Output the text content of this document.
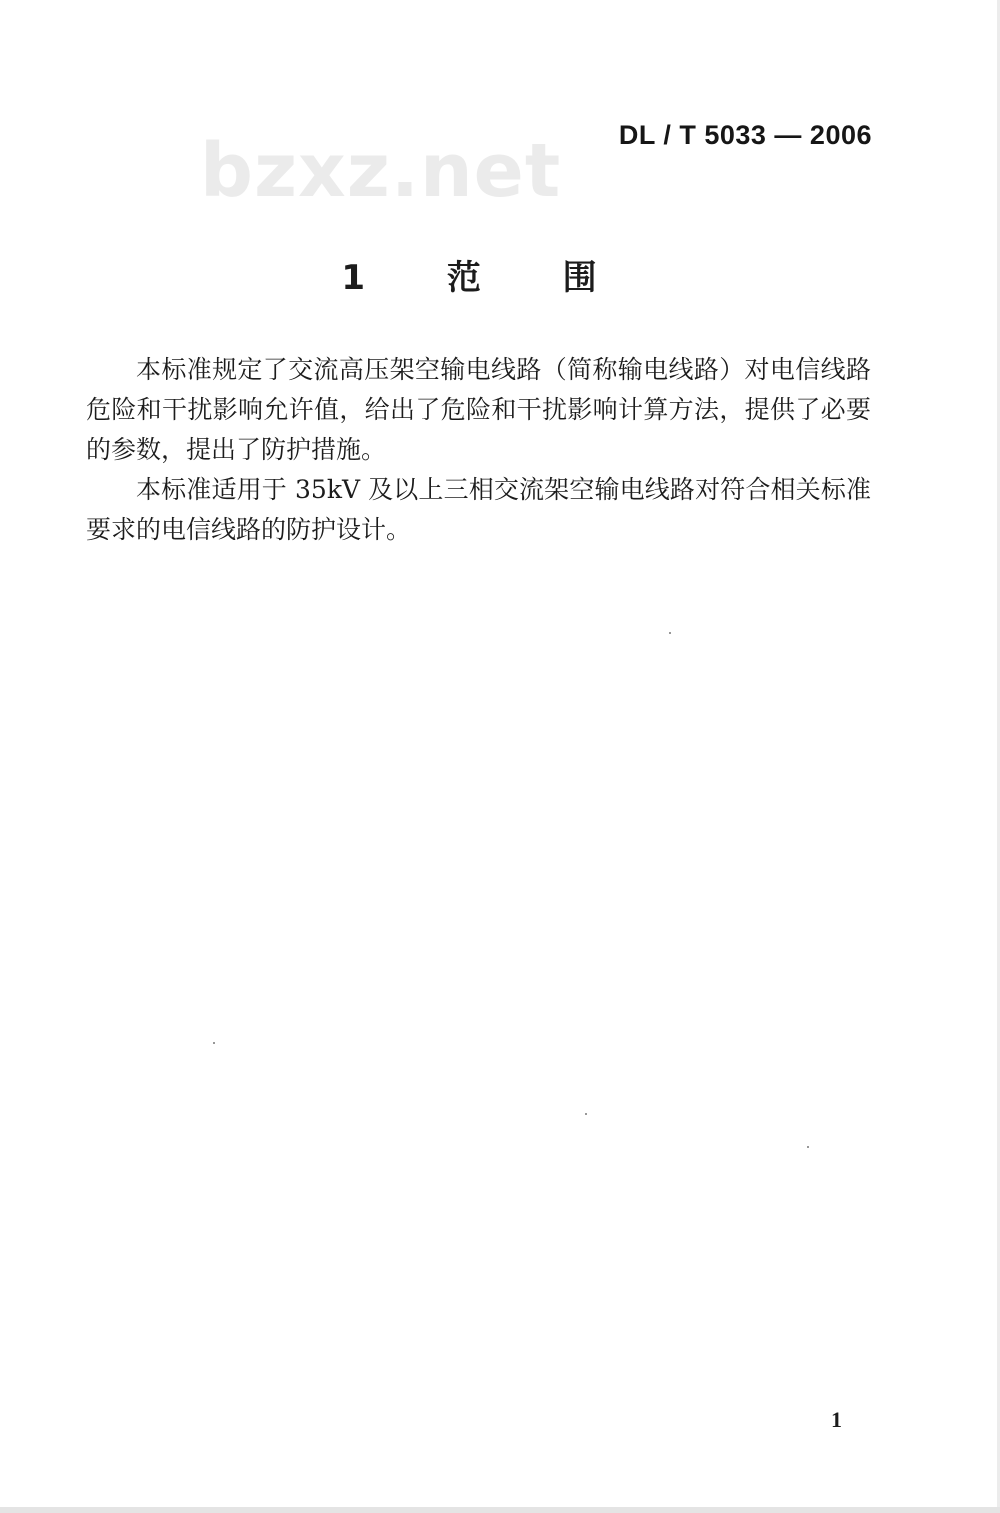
bzxz.net DL / T 5033 — 2006
1 范 围

本标准规定了交流高压架空输电线路（简称输电线路）对电信线路危险和干扰影响允许值，给出了危险和干扰影响计算方法，提供了必要的参数，提出了防护措施。

本标准适用于 35kV 及以上三相交流架空输电线路对符合相关标准要求的电信线路的防护设计。

1
